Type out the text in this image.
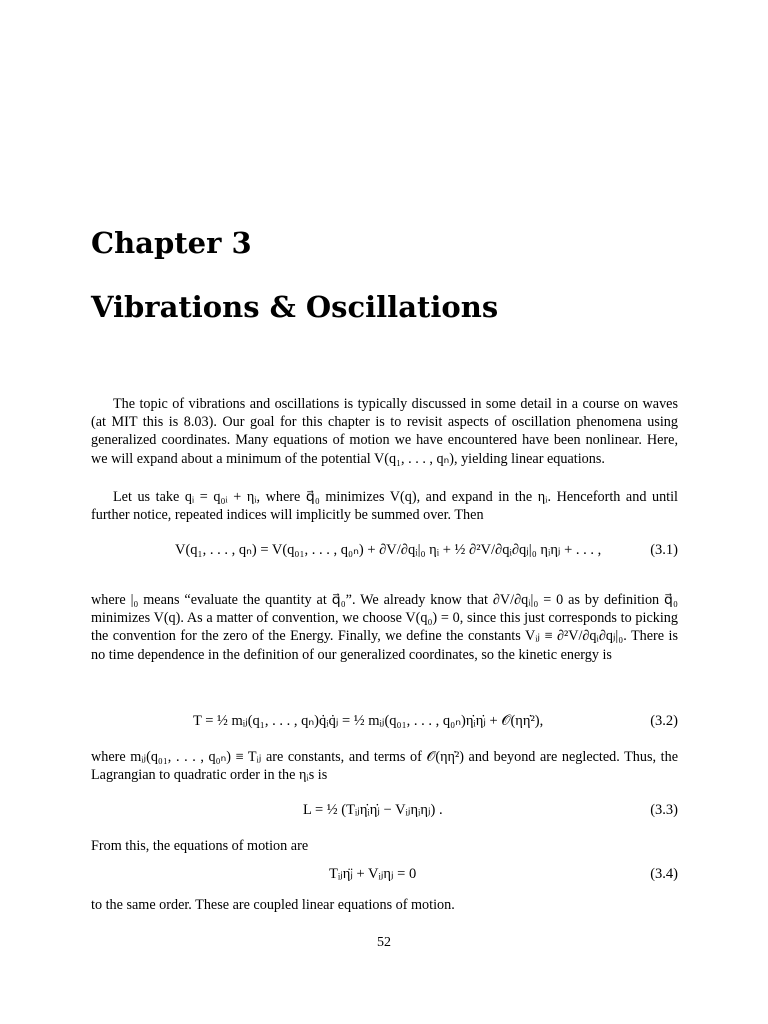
Chapter 3
Vibrations & Oscillations

The topic of vibrations and oscillations is typically discussed in some detail in a course on waves (at MIT this is 8.03). Our goal for this chapter is to revisit aspects of oscillation phenomena using generalized coordinates. Many equations of motion we have encountered have been nonlinear. Here, we will expand about a minimum of the potential V(q₁, . . . , qₙ), yielding linear equations.

Let us take qᵢ = q₀ᵢ + ηᵢ, where q⃗₀ minimizes V(q), and expand in the ηᵢ. Henceforth and until further notice, repeated indices will implicitly be summed over. Then

V(q₁, . . . , qₙ) = V(q₀₁, . . . , q₀ₙ) + ∂V/∂qᵢ|₀ ηᵢ + ½ ∂²V/∂qᵢ∂qⱼ|₀ ηᵢηⱼ + . . . ,	(3.1)

where |₀ means “evaluate the quantity at q⃗₀”. We already know that ∂V/∂qᵢ|₀ = 0 as by definition q⃗₀ minimizes V(q). As a matter of convention, we choose V(q₀) = 0, since this just corresponds to picking the convention for the zero of the Energy. Finally, we define the constants Vᵢⱼ ≡ ∂²V/∂qᵢ∂qⱼ|₀. There is no time dependence in the definition of our generalized coordinates, so the kinetic energy is

T = ½ mᵢⱼ(q₁, . . . , qₙ)q̇ᵢq̇ⱼ = ½ mᵢⱼ(q₀₁, . . . , q₀ₙ)η̇ᵢη̇ⱼ + 𝒪(ηη̇²),	(3.2)

where mᵢⱼ(q₀₁, . . . , q₀ₙ) ≡ Tᵢⱼ are constants, and terms of 𝒪(ηη̇²) and beyond are neglected. Thus, the Lagrangian to quadratic order in the ηᵢs is

L = ½ (Tᵢⱼη̇ᵢη̇ⱼ − Vᵢⱼηᵢηⱼ) .	(3.3)

From this, the equations of motion are

Tᵢⱼη̈ⱼ + Vᵢⱼηⱼ = 0	(3.4)

to the same order. These are coupled linear equations of motion.

52
